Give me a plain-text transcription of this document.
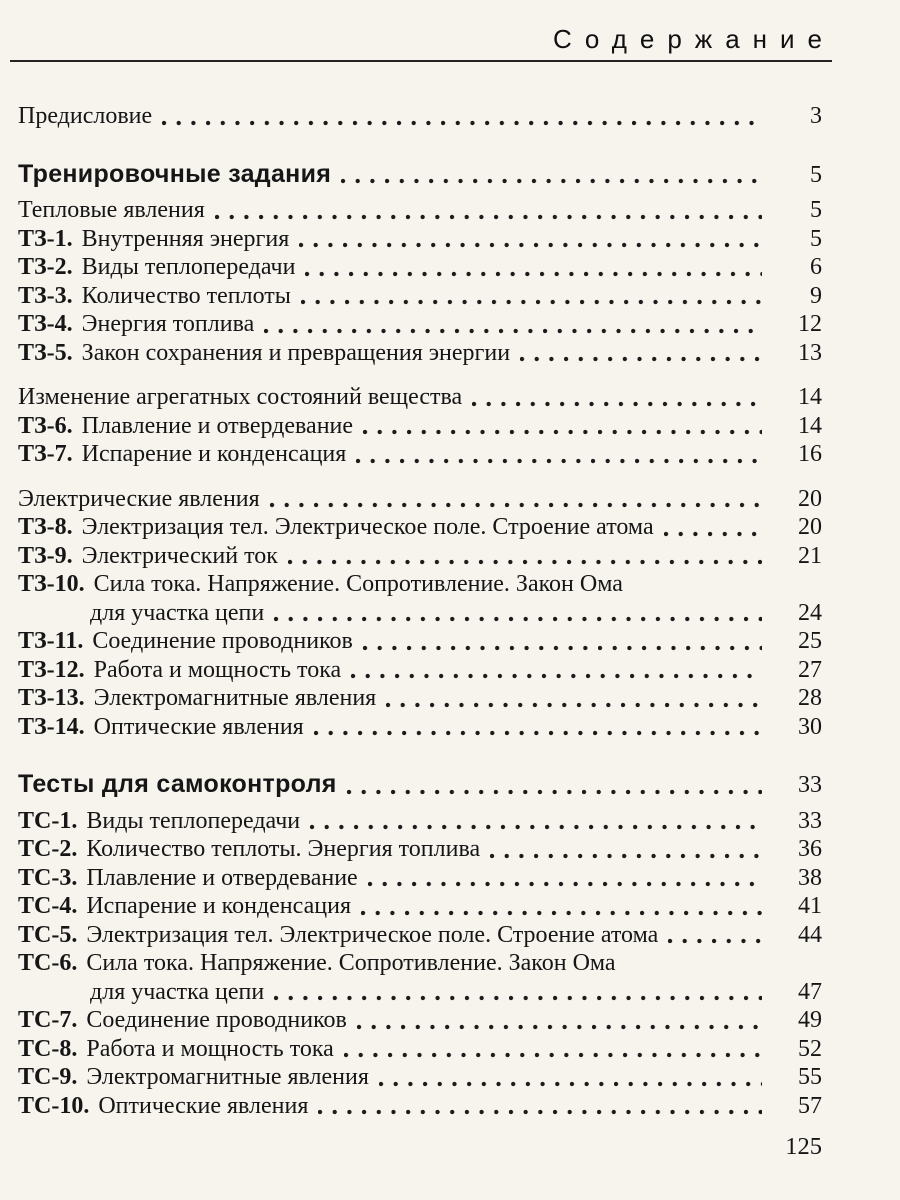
Содержание
Предисловие	3
Тренировочные задания	5
Тепловые явления	5
ТЗ-1. Внутренняя энергия	5
ТЗ-2. Виды теплопередачи	6
ТЗ-3. Количество теплоты	9
ТЗ-4. Энергия топлива	12
ТЗ-5. Закон сохранения и превращения энергии	13
Изменение агрегатных состояний вещества	14
ТЗ-6. Плавление и отвердевание	14
ТЗ-7. Испарение и конденсация	16
Электрические явления	20
ТЗ-8. Электризация тел. Электрическое поле. Строение атома	20
ТЗ-9. Электрический ток	21
ТЗ-10. Сила тока. Напряжение. Сопротивление. Закон Ома
для участка цепи	24
ТЗ-11. Соединение проводников	25
ТЗ-12. Работа и мощность тока	27
ТЗ-13. Электромагнитные явления	28
ТЗ-14. Оптические явления	30
Тесты для самоконтроля	33
ТС-1. Виды теплопередачи	33
ТС-2. Количество теплоты. Энергия топлива	36
ТС-3. Плавление и отвердевание	38
ТС-4. Испарение и конденсация	41
ТС-5. Электризация тел. Электрическое поле. Строение атома	44
ТС-6. Сила тока. Напряжение. Сопротивление. Закон Ома
для участка цепи	47
ТС-7. Соединение проводников	49
ТС-8. Работа и мощность тока	52
ТС-9. Электромагнитные явления	55
ТС-10. Оптические явления	57
125
